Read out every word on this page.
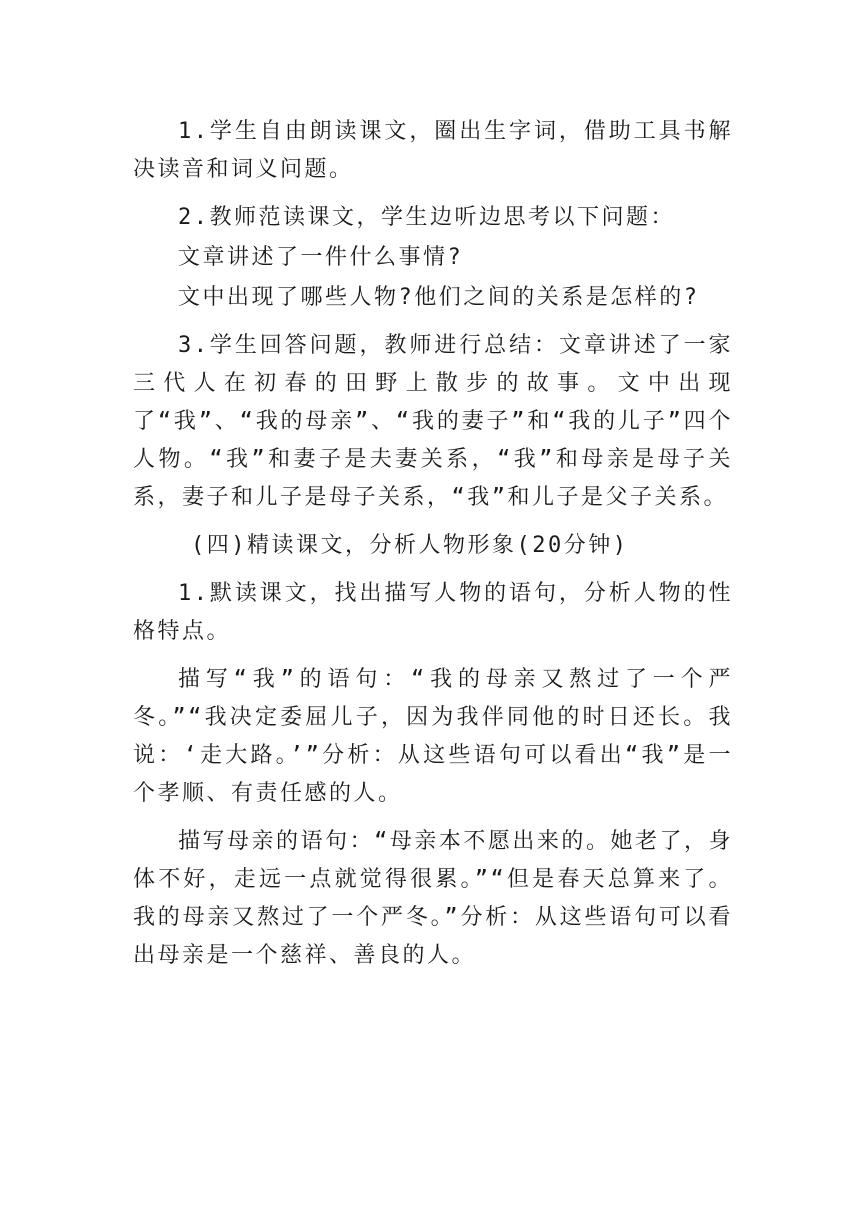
1.学生自由朗读课文，圈出生字词，借助工具书解决读音和词义问题。

2.教师范读课文，学生边听边思考以下问题：

文章讲述了一件什么事情?

文中出现了哪些人物?他们之间的关系是怎样的?

3.学生回答问题，教师进行总结：文章讲述了一家三代人在初春的田野上散步的故事。文中出现了“我”、“我的母亲”、“我的妻子”和“我的儿子”四个人物。“我”和妻子是夫妻关系，“我”和母亲是母子关系，妻子和儿子是母子关系，“我”和儿子是父子关系。

(四)精读课文，分析人物形象(20分钟)

1.默读课文，找出描写人物的语句，分析人物的性格特点。

描写“我”的语句：“我的母亲又熬过了一个严冬。”“我决定委屈儿子，因为我伴同他的时日还长。我说：‘走大路。’”分析：从这些语句可以看出“我”是一个孝顺、有责任感的人。

描写母亲的语句：“母亲本不愿出来的。她老了，身体不好，走远一点就觉得很累。”“但是春天总算来了。我的母亲又熬过了一个严冬。”分析：从这些语句可以看出母亲是一个慈祥、善良的人。
